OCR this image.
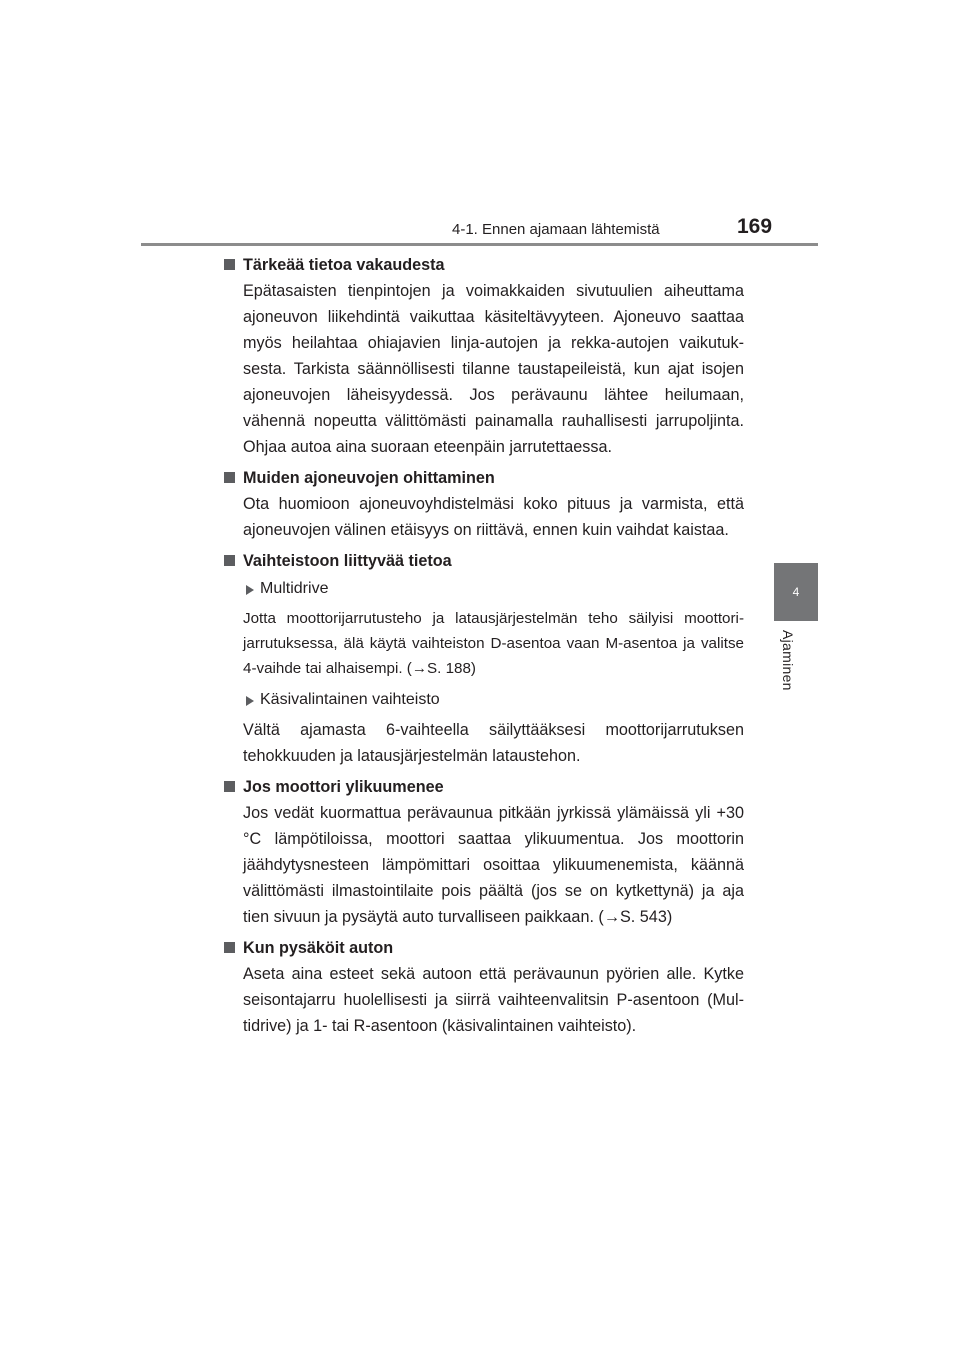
4-1. Ennen ajamaan lähtemistä	169
4
Ajaminen
Tärkeää tietoa vakaudesta

Epätasaisten tienpintojen ja voimakkaiden sivutuulien aiheuttama ajoneuvon liikehdintä vaikuttaa käsiteltävyyteen. Ajoneuvo saattaa myös heilahtaa ohiajavien linja-autojen ja rekka-autojen vaikutuksesta. Tarkista säännöllisesti tilanne taustapeileistä, kun ajat isojen ajoneuvojen läheisyydessä. Jos perävaunu lähtee heilumaan, vähennä nopeutta välittömästi painamalla rauhallisesti jarrupoljinta. Ohjaa autoa aina suoraan eteenpäin jarrutettaessa.

Muiden ajoneuvojen ohittaminen

Ota huomioon ajoneuvoyhdistelmäsi koko pituus ja varmista, että ajoneuvojen välinen etäisyys on riittävä, ennen kuin vaihdat kaistaa.

Vaihteistoon liittyvää tietoa
Multidrive

Jotta moottorijarrutusteho ja latausjärjestelmän teho säilyisi moottorijarrutuksessa, älä käytä vaihteiston D-asentoa vaan M-asentoa ja valitse 4-vaihde tai alhaisempi. (→S. 188)

Käsivalintainen vaihteisto

Vältä ajamasta 6-vaihteella säilyttääksesi moottorijarrutuksen tehokkuuden ja latausjärjestelmän lataustehon.

Jos moottori ylikuumenee

Jos vedät kuormattua perävaunua pitkään jyrkissä ylämäissä yli +30 °C lämpötiloissa, moottori saattaa ylikuumentua. Jos moottorin jäähdytysnesteen lämpömittari osoittaa ylikuumenemista, käännä välittömästi ilmastointilaite pois päältä (jos se on kytkettynä) ja aja tien sivuun ja pysäytä auto turvalliseen paikkaan. (→S. 543)

Kun pysäköit auton

Aseta aina esteet sekä autoon että perävaunun pyörien alle. Kytke seisontajarru huolellisesti ja siirrä vaihteenvalitsin P-asentoon (Multidrive) ja 1- tai R-asentoon (käsivalintainen vaihteisto).
